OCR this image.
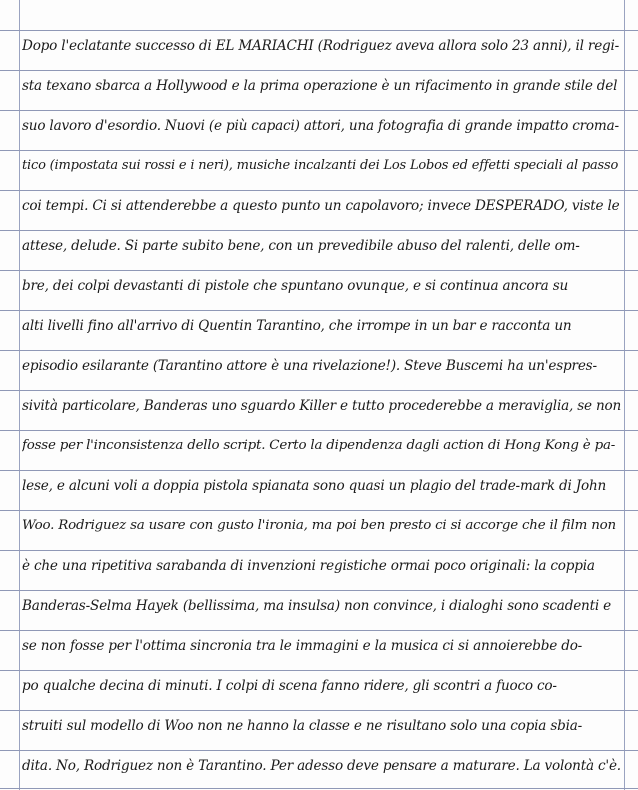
Dopo l'eclatante successo di EL MARIACHI (Rodriguez aveva allora solo 23 anni), il regi-
sta texano sbarca a Hollywood e la prima operazione è un rifacimento in grande stile del
suo lavoro d'esordio. Nuovi (e più capaci) attori, una fotografia di grande impatto croma-
tico (impostata sui rossi e i neri), musiche incalzanti dei Los Lobos ed effetti speciali al passo
coi tempi. Ci si attenderebbe a questo punto un capolavoro; invece DESPERADO, viste le
attese, delude. Si parte subito bene, con un prevedibile abuso del ralenti, delle om-
bre, dei colpi devastanti di pistole che spuntano ovunque, e si continua ancora su
alti livelli fino all'arrivo di Quentin Tarantino, che irrompe in un bar e racconta un
episodio esilarante (Tarantino attore è una rivelazione!). Steve Buscemi ha un'espres-
sività particolare, Banderas uno sguardo Killer e tutto procederebbe a meraviglia, se non
fosse per l'inconsistenza dello script. Certo la dipendenza dagli action di Hong Kong è pa-
lese, e alcuni voli a doppia pistola spianata sono quasi un plagio del trade-mark di John
Woo. Rodriguez sa usare con gusto l'ironia, ma poi ben presto ci si accorge che il film non
è che una ripetitiva sarabanda di invenzioni registiche ormai poco originali: la coppia
Banderas-Selma Hayek (bellissima, ma insulsa) non convince, i dialoghi sono scadenti e
se non fosse per l'ottima sincronia tra le immagini e la musica ci si annoierebbe do-
po qualche decina di minuti. I colpi di scena fanno ridere, gli scontri a fuoco co-
struiti sul modello di Woo non ne hanno la classe e ne risultano solo una copia sbia-
dita. No, Rodriguez non è Tarantino. Per adesso deve pensare a maturare. La volontà c'è.
